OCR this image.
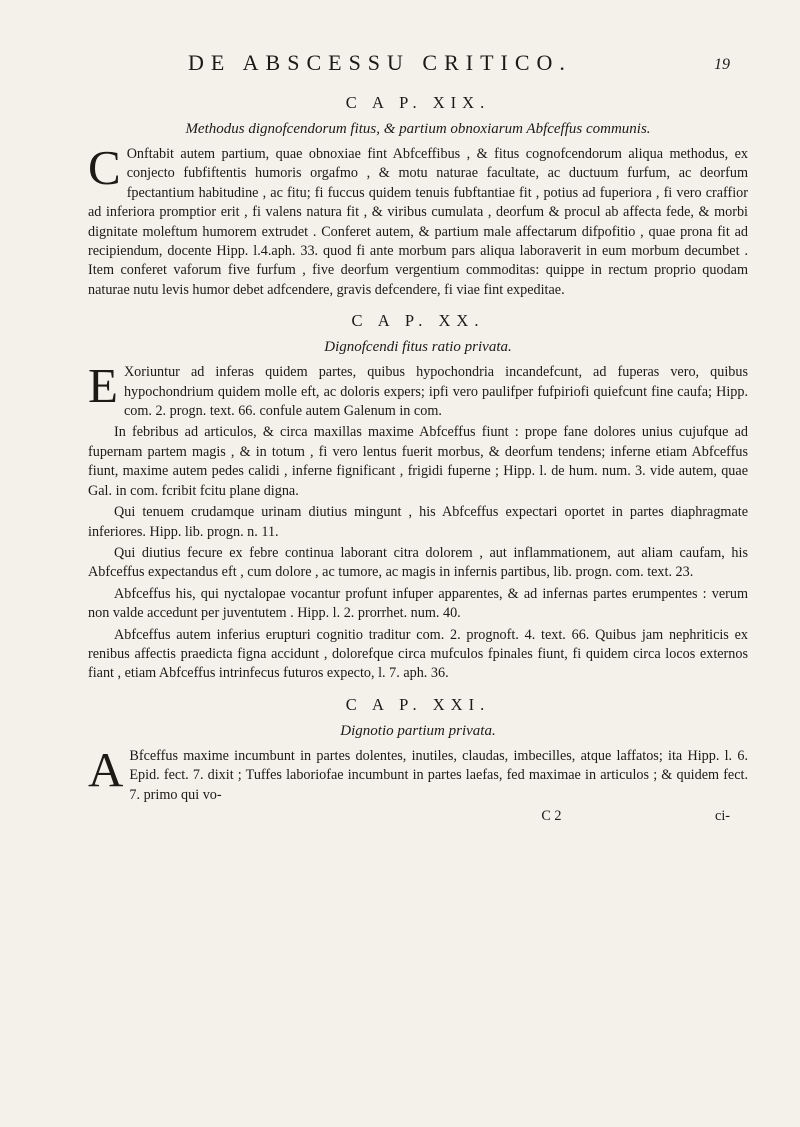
DE ABSCESSU CRITICO.	19
C A P. XIX.
Methodus dignofcendorum fitus, & partium obnoxiarum Abfceffus communis.

C Onftabit autem partium, quae obnoxiae fint Abfceffibus , & fitus cognofcendorum aliqua methodus, ex conjecto fubfiftentis humoris orgafmo , & motu naturae facultate, ac ductuum furfum, ac deorfum fpectantium habitudine , ac fitu; fi fuccus quidem tenuis fubftantiae fit , potius ad fuperiora , fi vero craffior ad inferiora promptior erit , fi valens natura fit , & viribus cumulata , deorfum & procul ab affecta fede, & morbi dignitate moleftum humorem extrudet . Conferet autem, & partium male affectarum difpofitio , quae prona fit ad recipiendum, docente Hipp. l.4.aph. 33. quod fi ante morbum pars aliqua laboraverit in eum morbum decumbet . Item conferet vaforum five furfum , five deorfum vergentium commoditas: quippe in rectum proprio quodam naturae nutu levis humor debet adfcendere, gravis defcendere, fi viae fint expeditae.

C A P. XX.
Dignofcendi fitus ratio privata.

E Xoriuntur ad inferas quidem partes, quibus hypochondria incandefcunt, ad fuperas vero, quibus hypochondrium quidem molle eft, ac doloris expers; ipfi vero paulifper fufpiriofi quiefcunt fine caufa; Hipp. com. 2. progn. text. 66. confule autem Galenum in com.

In febribus ad articulos, & circa maxillas maxime Abfceffus fiunt : prope fane dolores unius cujufque ad fupernam partem magis , & in totum , fi vero lentus fuerit morbus, & deorfum tendens; inferne etiam Abfceffus fiunt, maxime autem pedes calidi , inferne fignificant , frigidi fuperne ; Hipp. l. de hum. num. 3. vide autem, quae Gal. in com. fcribit fcitu plane digna.

Qui tenuem crudamque urinam diutius mingunt , his Abfceffus expectari oportet in partes diaphragmate inferiores. Hipp. lib. progn. n. 11.

Qui diutius fecure ex febre continua laborant citra dolorem , aut inflammationem, aut aliam caufam, his Abfceffus expectandus eft , cum dolore , ac tumore, ac magis in infernis partibus, lib. progn. com. text. 23.

Abfceffus his, qui nyctalopae vocantur profunt infuper apparentes, & ad infernas partes erumpentes : verum non valde accedunt per juventutem . Hipp. l. 2. prorrhet. num. 40.

Abfceffus autem inferius erupturi cognitio traditur com. 2. prognoft. 4. text. 66. Quibus jam nephriticis ex renibus affectis praedicta figna accidunt , dolorefque circa mufculos fpinales fiunt, fi quidem circa locos externos fiant , etiam Abfceffus intrinfecus futuros expecto, l. 7. aph. 36.

C A P. XXI.
Dignotio partium privata.

A Bfceffus maxime incumbunt in partes dolentes, inutiles, claudas, imbecilles, atque laffatos; ita Hipp. l. 6. Epid. fect. 7. dixit ; Tuffes laboriofae incumbunt in partes laefas, fed maximae in articulos ; & quidem fect. 7. primo qui vo-

C 2	ci-
